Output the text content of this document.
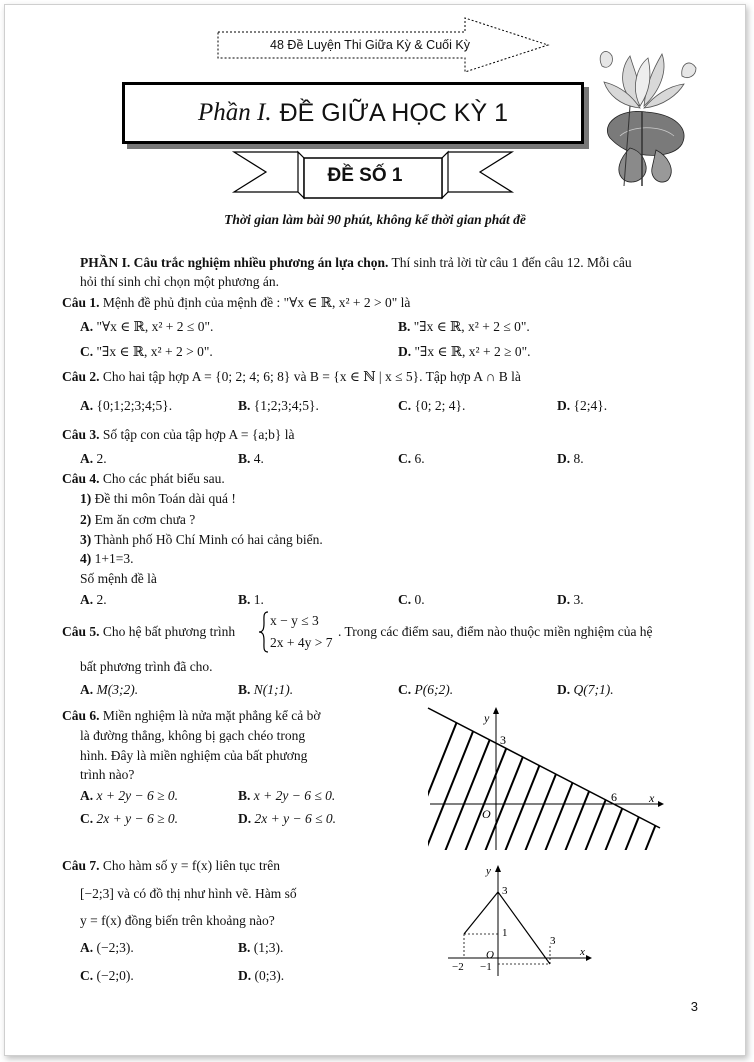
48 Đề Luyện Thi Giữa Kỳ & Cuối Kỳ
Phần I. ĐỀ GIỮA HỌC KỲ 1
ĐỀ SỐ 1
Thời gian làm bài 90 phút, không kể thời gian phát đề
PHẦN I. Câu trắc nghiệm nhiều phương án lựa chọn. Thí sinh trả lời từ câu 1 đến câu 12. Mỗi câu
hỏi thí sinh chỉ chọn một phương án.
Câu 1. Mệnh đề phủ định của mệnh đề : "∀x ∈ ℝ, x² + 2 > 0" là
A. "∀x ∈ ℝ, x² + 2 ≤ 0".	B. "∃x ∈ ℝ, x² + 2 ≤ 0".
C. "∃x ∈ ℝ, x² + 2 > 0".	D. "∃x ∈ ℝ, x² + 2 ≥ 0".
Câu 2. Cho hai tập hợp A = {0; 2; 4; 6; 8} và B = {x ∈ ℕ | x ≤ 5}. Tập hợp A ∩ B là
A. {0;1;2;3;4;5}.	B. {1;2;3;4;5}.	C. {0; 2; 4}.	D. {2;4}.
Câu 3. Số tập con của tập hợp A = {a;b} là
A. 2.	B. 4.	C. 6.	D. 8.
Câu 4. Cho các phát biểu sau.
1) Đề thi môn Toán dài quá !
2) Em ăn cơm chưa ?
3) Thành phố Hồ Chí Minh có hai cảng biển.
4) 1+1=3.
Số mệnh đề là
A. 2.	B. 1.	C. 0.	D. 3.
Câu 5. Cho hệ bất phương trình
x − y ≤ 3
2x + 4y > 7
. Trong các điểm sau, điểm nào thuộc miền nghiệm của hệ
bất phương trình đã cho.
A. M(3;2).	B. N(1;1).	C. P(6;2).	D. Q(7;1).
Câu 6. Miền nghiệm là nửa mặt phẳng kể cả bờ
là đường thẳng, không bị gạch chéo trong
hình. Đây là miền nghiệm của bất phương
trình nào?
A. x + 2y − 6 ≥ 0.	B. x + 2y − 6 ≤ 0.
C. 2x + y − 6 ≥ 0.	D. 2x + y − 6 ≤ 0.
y
x
3
6
O
Câu 7. Cho hàm số y = f(x) liên tục trên
[−2;3] và có đồ thị như hình vẽ. Hàm số
y = f(x) đồng biến trên khoảng nào?
A. (−2;3).	B. (1;3).
C. (−2;0).	D. (0;3).
y
x
3
1
3
−2 −1
O
3
